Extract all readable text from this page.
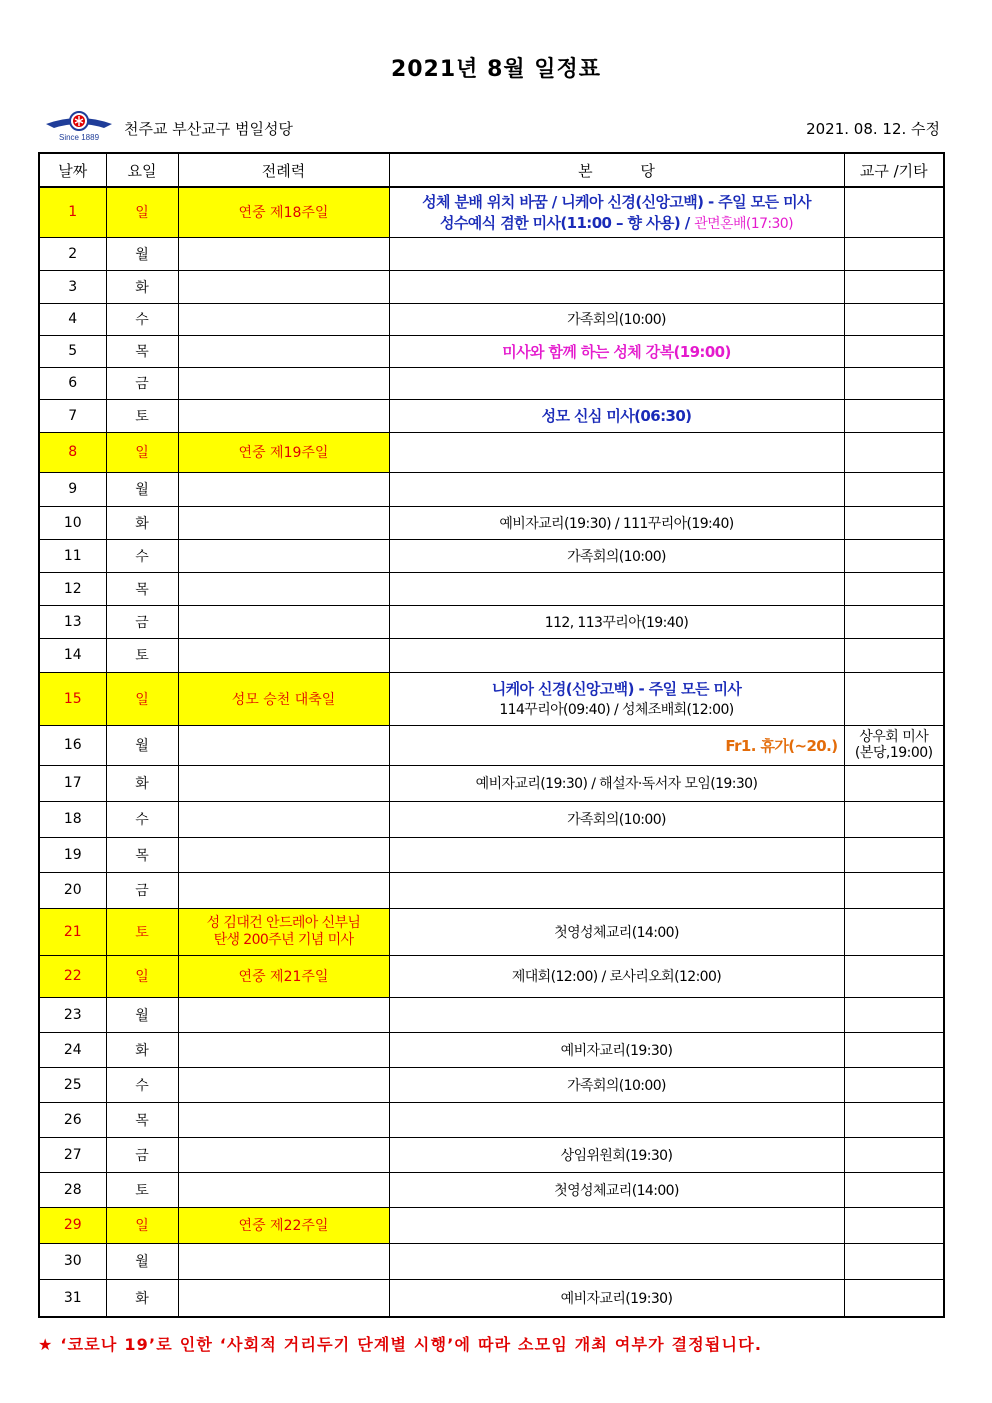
2021년 8월 일정표
Since 1889 천주교 부산교구 범일성당	2021. 08. 12. 수정
날짜	요일	전례력	본          당	교구 /기타
1	일	연중 제18주일	성체 분배 위치 바꿈 / 니케아 신경(신앙고백) - 주일 모든 미사
성수예식 겸한 미사(11:00 – 향 사용) / 관면혼배(17:30)	

2	월			
3	화			
4	수		가족회의(10:00)	

5	목		미사와 함께 하는 성체 강복(19:00)	

6	금			
7	토		성모 신심 미사(06:30)	

8	일	연중 제19주일		
9	월			
10	화		예비자교리(19:30) / 111꾸리아(19:40)	

11	수		가족회의(10:00)	

12	목			
13	금		112, 113꾸리아(19:40)	

14	토			
15	일	성모 승천 대축일	니케아 신경(신앙고백) - 주일 모든 미사
114꾸리아(09:40) / 성체조배회(12:00)	

16	월		Fr1. 휴가(~20.)	상우회 미사
(본당,19:00)
17	화		예비자교리(19:30) / 해설자·독서자 모임(19:30)	

18	수		가족회의(10:00)	

19	목			
20	금			
21	토	성 김대건 안드레아 신부님
탄생 200주년 기념 미사	첫영성체교리(14:00)	

22	일	연중 제21주일	제대회(12:00) / 로사리오회(12:00)	

23	월			
24	화		예비자교리(19:30)	

25	수		가족회의(10:00)	

26	목			
27	금		상임위원회(19:30)	

28	토		첫영성체교리(14:00)	

29	일	연중 제22주일		
30	월			
31	화		예비자교리(19:30)	

★ ‘코로나 19’로 인한 ‘사회적 거리두기 단계별 시행’에 따라 소모임 개최 여부가 결정됩니다.
